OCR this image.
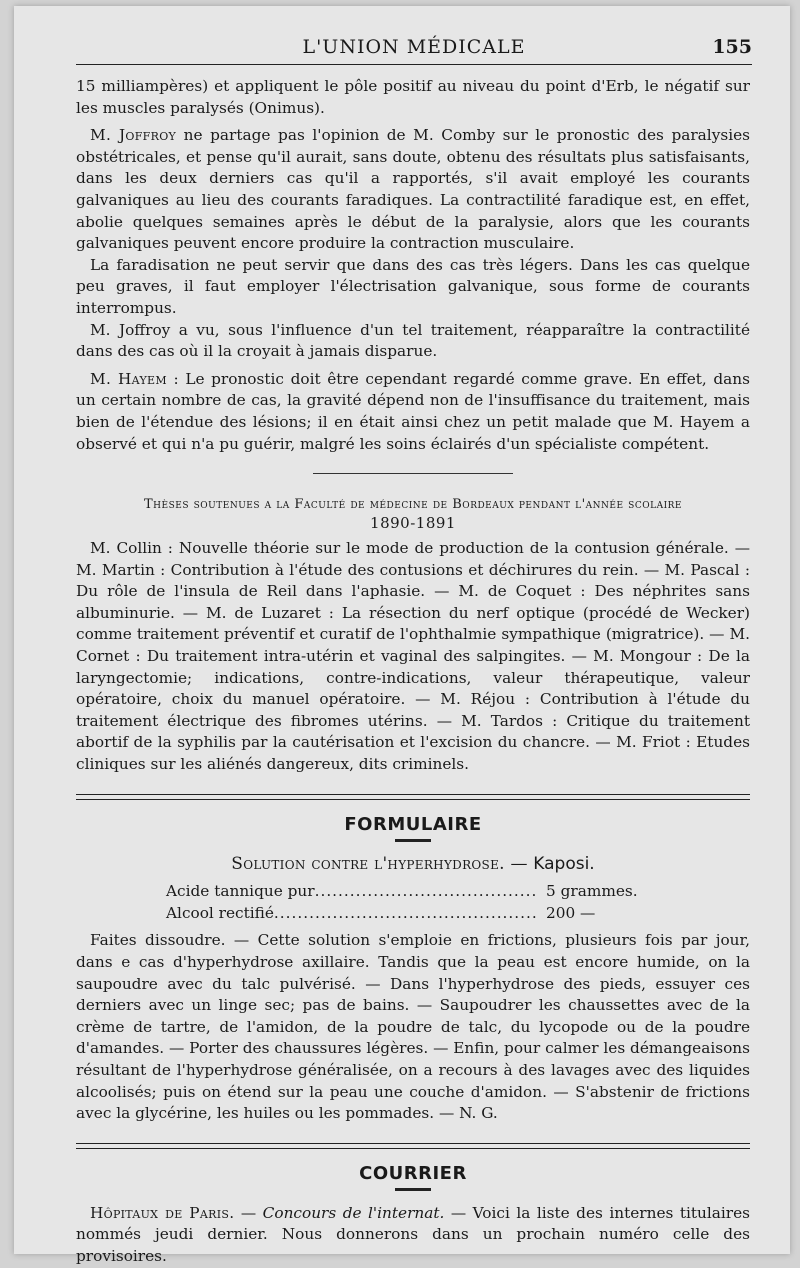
L'UNION MÉDICALE	155

15 milliampères) et appliquent le pôle positif au niveau du point d'Erb, le négatif sur les muscles paralysés (Onimus).

M. Joffroy ne partage pas l'opinion de M. Comby sur le pronostic des paralysies obstétricales, et pense qu'il aurait, sans doute, obtenu des résultats plus satisfaisants, dans les deux derniers cas qu'il a rapportés, s'il avait employé les courants galvaniques au lieu des courants faradiques. La contractilité faradique est, en effet, abolie quelques semaines après le début de la paralysie, alors que les courants galvaniques peuvent encore produire la contraction musculaire.

La faradisation ne peut servir que dans des cas très légers. Dans les cas quelque peu graves, il faut employer l'électrisation galvanique, sous forme de courants interrompus.

M. Joffroy a vu, sous l'influence d'un tel traitement, réapparaître la contractilité dans des cas où il la croyait à jamais disparue.

M. Hayem : Le pronostic doit être cependant regardé comme grave. En effet, dans un certain nombre de cas, la gravité dépend non de l'insuffisance du traitement, mais bien de l'étendue des lésions; il en était ainsi chez un petit malade que M. Hayem a observé et qui n'a pu guérir, malgré les soins éclairés d'un spécialiste compétent.

Thèses soutenues a la Faculté de médecine de Bordeaux pendant l'année scolaire
1890-1891

M. Collin : Nouvelle théorie sur le mode de production de la contusion générale. — M. Martin : Contribution à l'étude des contusions et déchirures du rein. — M. Pascal : Du rôle de l'insula de Reil dans l'aphasie. — M. de Coquet : Des néphrites sans albuminurie. — M. de Luzaret : La résection du nerf optique (procédé de Wecker) comme traitement préventif et curatif de l'ophthalmie sympathique (migratrice). — M. Cornet : Du traitement intra-utérin et vaginal des salpingites. — M. Mongour : De la laryngectomie; indications, contre-indications, valeur thérapeutique, valeur opératoire, choix du manuel opératoire. — M. Réjou : Contribution à l'étude du traitement électrique des fibromes utérins. — M. Tardos : Critique du traitement abortif de la syphilis par la cautérisation et l'excision du chancre. — M. Friot : Etudes cliniques sur les aliénés dangereux, dits criminels.

FORMULAIRE
Solution contre l'hyperhydrose. — Kaposi.
Acide tannique pur .....	5 grammes.
Alcool rectifié .....	200 —

Faites dissoudre. — Cette solution s'emploie en frictions, plusieurs fois par jour, dans e cas d'hyperhydrose axillaire. Tandis que la peau est encore humide, on la saupoudre avec du talc pulvérisé. — Dans l'hyperhydrose des pieds, essuyer ces derniers avec un linge sec; pas de bains. — Saupoudrer les chaussettes avec de la crème de tartre, de l'amidon, de la poudre de talc, du lycopode ou de la poudre d'amandes. — Porter des chaussures légères. — Enfin, pour calmer les démangeaisons résultant de l'hyperhydrose généralisée, on a recours à des lavages avec des liquides alcoolisés; puis on étend sur la peau une couche d'amidon. — S'abstenir de frictions avec la glycérine, les huiles ou les pommades. — N. G.

COURRIER

Hôpitaux de Paris. — Concours de l'internat. — Voici la liste des internes titulaires nommés jeudi dernier. Nous donnerons dans un prochain numéro celle des provisoires.
